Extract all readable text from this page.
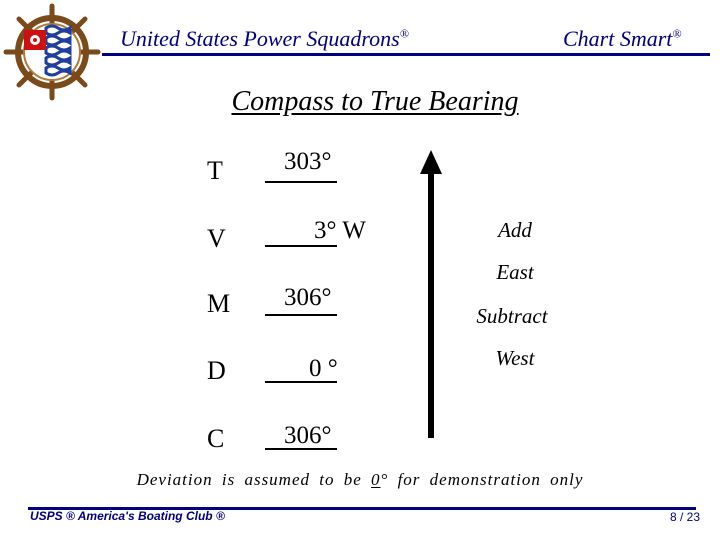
United States Power Squadrons®	Chart Smart®
Compass to True Bearing
T 303°
V	3° W
M 306°
D	0 °
C 306°
Add
East
Subtract
West
Deviation is assumed to be 0° for demonstration only
USPS ® America's Boating Club ®	8 / 23
